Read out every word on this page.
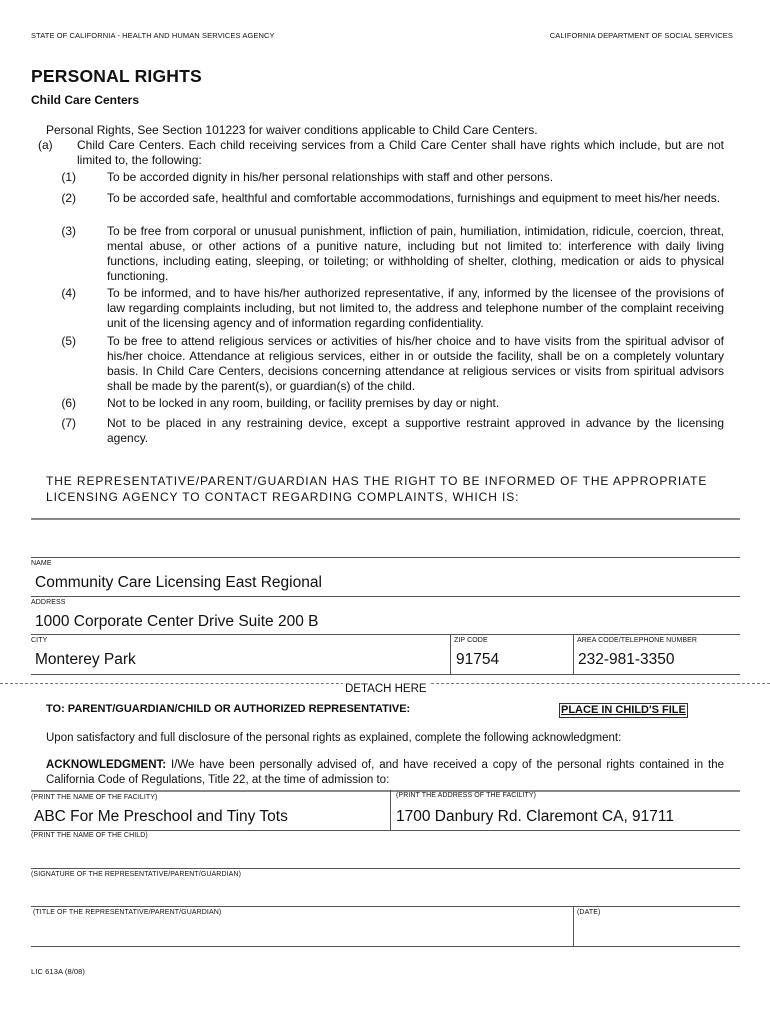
STATE OF CALIFORNIA - HEALTH AND HUMAN SERVICES AGENCY	CALIFORNIA DEPARTMENT OF SOCIAL SERVICES
PERSONAL RIGHTS
Child Care Centers
Personal Rights, See Section 101223 for waiver conditions applicable to Child Care Centers.
(a)	Child Care Centers. Each child receiving services from a Child Care Center shall have rights which include, but are not limited to, the following:
(1)	To be accorded dignity in his/her personal relationships with staff and other persons.
(2)	To be accorded safe, healthful and comfortable accommodations, furnishings and equipment to meet his/her needs.
(3)	To be free from corporal or unusual punishment, infliction of pain, humiliation, intimidation, ridicule, coercion, threat, mental abuse, or other actions of a punitive nature, including but not limited to: interference with daily living functions, including eating, sleeping, or toileting; or withholding of shelter, clothing, medication or aids to physical functioning.
(4)	To be informed, and to have his/her authorized representative, if any, informed by the licensee of the provisions of law regarding complaints including, but not limited to, the address and telephone number of the complaint receiving unit of the licensing agency and of information regarding confidentiality.
(5)	To be free to attend religious services or activities of his/her choice and to have visits from the spiritual advisor of his/her choice. Attendance at religious services, either in or outside the facility, shall be on a completely voluntary basis. In Child Care Centers, decisions concerning attendance at religious services or visits from spiritual advisors shall be made by the parent(s), or guardian(s) of the child.
(6)	Not to be locked in any room, building, or facility premises by day or night.
(7)	Not to be placed in any restraining device, except a supportive restraint approved in advance by the licensing agency.
THE REPRESENTATIVE/PARENT/GUARDIAN HAS THE RIGHT TO BE INFORMED OF THE APPROPRIATE LICENSING AGENCY TO CONTACT REGARDING COMPLAINTS, WHICH IS:
NAME
Community Care Licensing East Regional
ADDRESS
1000 Corporate Center Drive Suite 200 B
CITY
Monterey Park
ZIP CODE
91754
AREA CODE/TELEPHONE NUMBER
232-981-3350
DETACH HERE
TO: PARENT/GUARDIAN/CHILD OR AUTHORIZED REPRESENTATIVE:	PLACE IN CHILD'S FILE
Upon satisfactory and full disclosure of the personal rights as explained, complete the following acknowledgment:
ACKNOWLEDGMENT: I/We have been personally advised of, and have received a copy of the personal rights contained in the California Code of Regulations, Title 22, at the time of admission to:
(PRINT THE NAME OF THE FACILITY)
ABC For Me Preschool and Tiny Tots
(PRINT THE ADDRESS OF THE FACILITY)
1700 Danbury Rd. Claremont CA, 91711
(PRINT THE NAME OF THE CHILD)
(SIGNATURE OF THE REPRESENTATIVE/PARENT/GUARDIAN)
(TITLE OF THE REPRESENTATIVE/PARENT/GUARDIAN)	(DATE)
LIC 613A (8/08)
